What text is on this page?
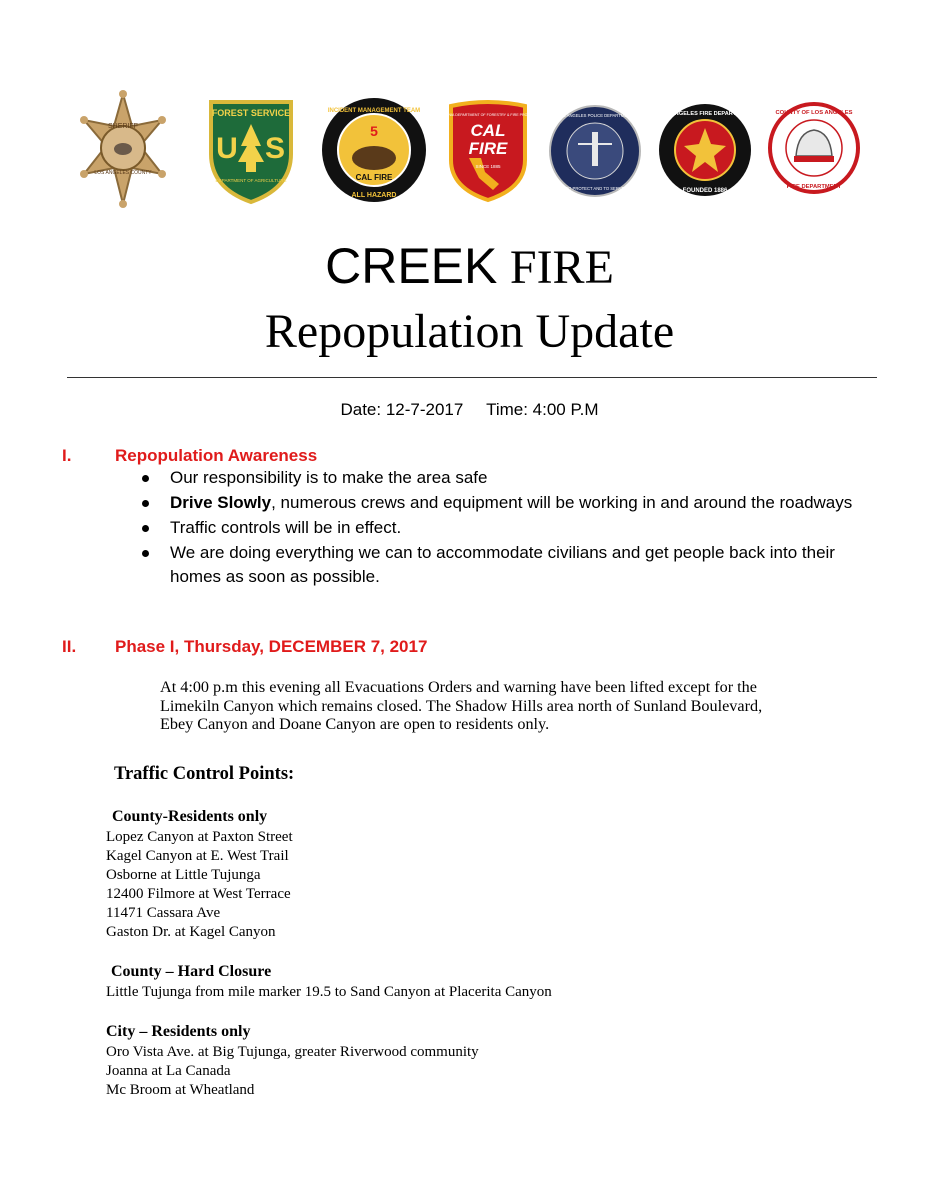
SHERIFF
LOS ANGELES COUNTY
FOREST SERVICE
U S
DEPARTMENT OF AGRICULTURE
5
INCIDENT MANAGEMENT TEAM
CAL FIRE
ALL HAZARD
CALIFORNIA DEPARTMENT OF FORESTRY & FIRE PROTECTION
CAL
FIRE
SINCE 1885
LOS ANGELES POLICE DEPARTMENT
TO PROTECT AND TO SERVE
LOS ANGELES FIRE DEPARTMENT
FOUNDED 1886
COUNTY OF LOS ANGELES
FIRE DEPARTMENT
CREEK FIRE
Repopulation Update
Date: 12-7-2017 Time: 4:00 P.M
I.	Repopulation Awareness
Our responsibility is to make the area safe
Drive Slowly, numerous crews and equipment will be working in and around the roadways
Traffic controls will be in effect.
We are doing everything we can to accommodate civilians and get people back into their homes as soon as possible.
II. Phase I, Thursday, DECEMBER 7, 2017
At 4:00 p.m this evening all Evacuations Orders and warning have been lifted except for the
Limekiln Canyon which remains closed. The Shadow Hills area north of Sunland Boulevard,
Ebey Canyon and Doane Canyon are open to residents only.
Traffic Control Points:
County-Residents only
Lopez Canyon at Paxton Street
Kagel Canyon at E. West Trail
Osborne at Little Tujunga
12400 Filmore at West Terrace
11471 Cassara Ave
Gaston Dr. at Kagel Canyon
County – Hard Closure
Little Tujunga from mile marker 19.5 to Sand Canyon at Placerita Canyon
City – Residents only
Oro Vista Ave. at Big Tujunga, greater Riverwood community
Joanna at La Canada
Mc Broom at Wheatland
